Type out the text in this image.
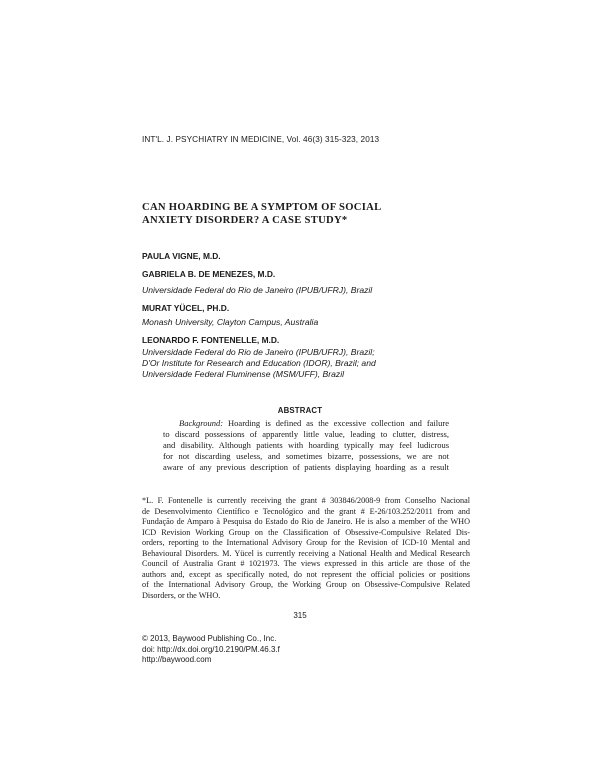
INT'L. J. PSYCHIATRY IN MEDICINE, Vol. 46(3) 315-323, 2013
CAN HOARDING BE A SYMPTOM OF SOCIAL
ANXIETY DISORDER? A CASE STUDY*
PAULA VIGNE, M.D.
GABRIELA B. DE MENEZES, M.D.
Universidade Federal do Rio de Janeiro (IPUB/UFRJ), Brazil
MURAT YÜCEL, PH.D.
Monash University, Clayton Campus, Australia
LEONARDO F. FONTENELLE, M.D.
Universidade Federal do Rio de Janeiro (IPUB/UFRJ), Brazil;
D'Or Institute for Research and Education (IDOR), Brazil; and
Universidade Federal Fluminense (MSM/UFF), Brazil
ABSTRACT
Background: Hoarding is defined as the excessive collection and failure
to discard possessions of apparently little value, leading to clutter, distress,
and disability. Although patients with hoarding typically may feel ludicrous
for not discarding useless, and sometimes bizarre, possessions, we are not
aware of any previous description of patients displaying hoarding as a result
*L. F. Fontenelle is currently receiving the grant # 303846/2008-9 from Conselho Nacional
de Desenvolvimento Científico e Tecnológico and the grant # E-26/103.252/2011 from and
Fundação de Amparo à Pesquisa do Estado do Rio de Janeiro. He is also a member of the WHO
ICD Revision Working Group on the Classification of Obsessive-Compulsive Related Dis-
orders, reporting to the International Advisory Group for the Revision of ICD-10 Mental and
Behavioural Disorders. M. Yücel is currently receiving a National Health and Medical Research
Council of Australia Grant # 1021973. The views expressed in this article are those of the
authors and, except as specifically noted, do not represent the official policies or positions
of the International Advisory Group, the Working Group on Obsessive-Compulsive Related
Disorders, or the WHO.
315
© 2013, Baywood Publishing Co., Inc.
doi: http://dx.doi.org/10.2190/PM.46.3.f
http://baywood.com
